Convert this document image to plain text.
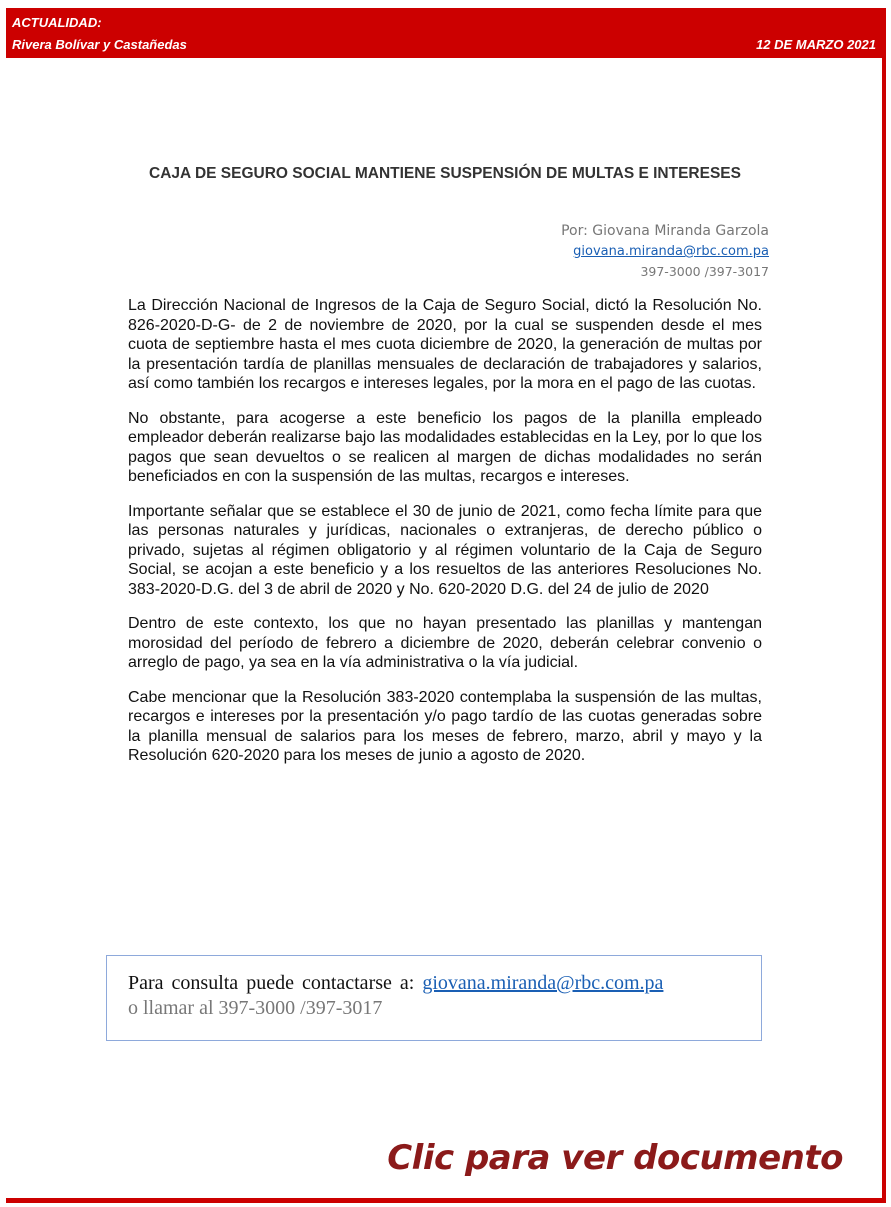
ACTUALIDAD:
Rivera Bolívar y Castañedas	12 DE MARZO 2021
CAJA DE SEGURO SOCIAL MANTIENE SUSPENSIÓN DE MULTAS E INTERESES
Por: Giovana Miranda Garzola
giovana.miranda@rbc.com.pa
397-3000 /397-3017

La Dirección Nacional de Ingresos de la Caja de Seguro Social, dictó la Resolución No. 826-2020-D-G- de 2 de noviembre de 2020, por la cual se suspenden desde el mes cuota de septiembre hasta el mes cuota diciembre de 2020, la generación de multas por la presentación tardía de planillas mensuales de declaración de trabajadores y salarios, así como también los recargos e intereses legales, por la mora en el pago de las cuotas.

No obstante, para acogerse a este beneficio los pagos de la planilla empleado empleador deberán realizarse bajo las modalidades establecidas en la Ley, por lo que los pagos que sean devueltos o se realicen al margen de dichas modalidades no serán beneficiados en con la suspensión de las multas, recargos e intereses.

Importante señalar que se establece el 30 de junio de 2021, como fecha límite para que las personas naturales y jurídicas, nacionales o extranjeras, de derecho público o privado, sujetas al régimen obligatorio y al régimen voluntario de la Caja de Seguro Social, se acojan a este beneficio y a los resueltos de las anteriores Resoluciones No. 383-2020-D.G. del 3 de abril de 2020 y No. 620-2020 D.G. del 24 de julio de 2020

Dentro de este contexto, los que no hayan presentado las planillas y mantengan morosidad del período de febrero a diciembre de 2020, deberán celebrar convenio o arreglo de pago, ya sea en la vía administrativa o la vía judicial.

Cabe mencionar que la Resolución 383-2020 contemplaba la suspensión de las multas, recargos e intereses por la presentación y/o pago tardío de las cuotas generadas sobre la planilla mensual de salarios para los meses de febrero, marzo, abril y mayo y la Resolución 620-2020 para los meses de junio a agosto de 2020.

Para consulta puede contactarse a: giovana.miranda@rbc.com.pa
o llamar al 397-3000 /397-3017
Clic para ver documento
